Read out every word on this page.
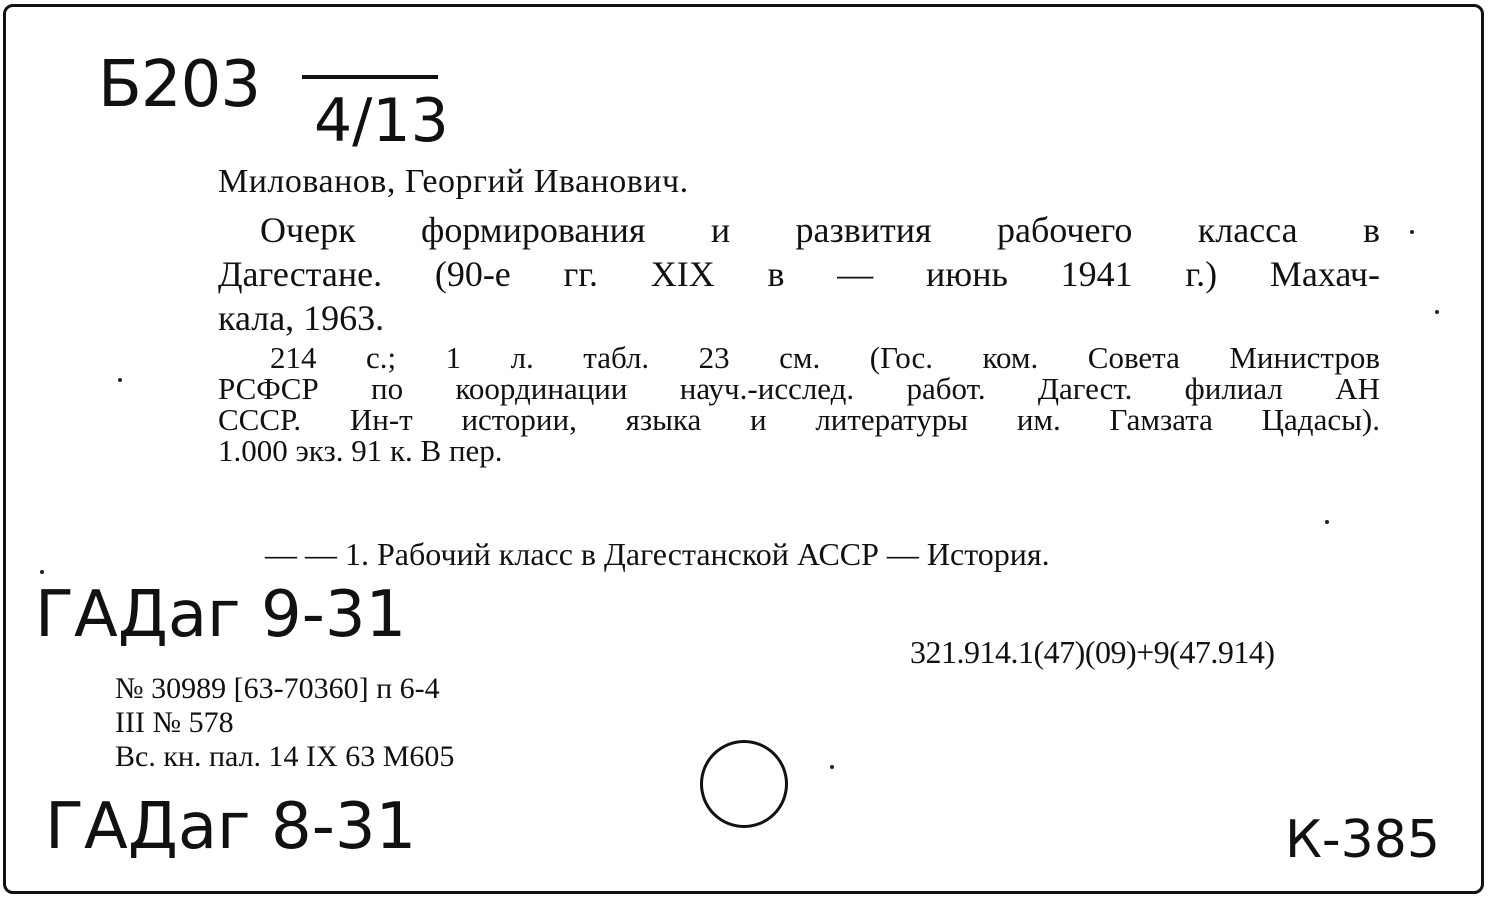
Б203 4/13
Милованов, Георгий Иванович.
Очерк формирования и развития рабочего класса в
Дагестане. (90-е гг. XIX в — июнь 1941 г.) Махач-
кала, 1963.
214 с.; 1 л. табл. 23 см. (Гос. ком. Совета Министров
РСФСР по координации науч.-исслед. работ. Дагест. филиал АН
СССР. Ин-т истории, языка и литературы им. Гамзата Цадасы).
1.000 экз. 91 к. В пер.
— — 1. Рабочий класс в Дагестанской АССР — История.
ГАДаг 9-31	321.914.1(47)(09)+9(47.914)
№ 30989 [63-70360] п 6-4
III № 578
Вс. кн. пал. 14 IX 63 М605
ГАДаг 8-31	К-385
